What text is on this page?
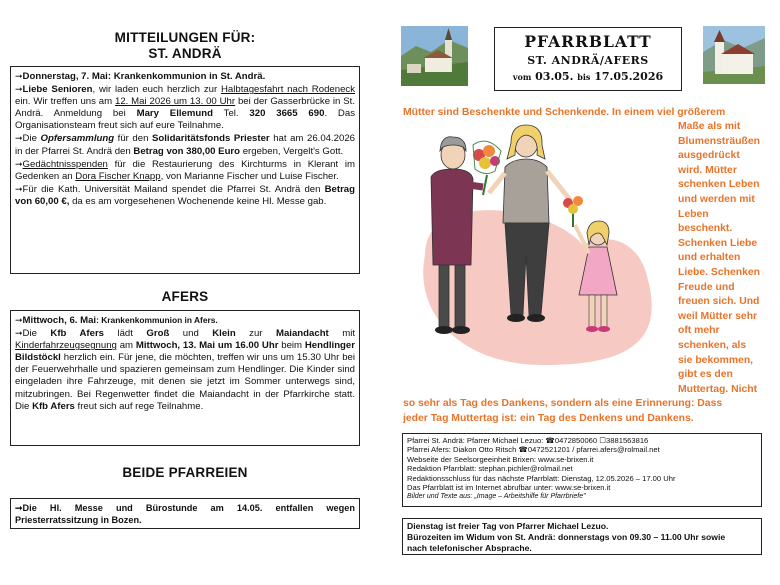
MITTEILUNGEN FÜR:
ST. ANDRÄ

➞Donnerstag, 7. Mai: Krankenkommunion in St. Andrä.

➞Liebe Senioren, wir laden euch herzlich zur Halbtagesfahrt nach Rodeneck ein. Wir treffen uns am 12. Mai 2026 um 13. 00 Uhr bei der Gasserbrücke in St. Andrä. Anmeldung bei Mary Ellemund Tel. 320 3665 690. Das Organisationsteam freut sich auf eure Teilnahme.

➞Die Opfersammlung für den Solidaritätsfonds Priester hat am 26.04.2026 in der Pfarrei St. Andrä den Betrag von 380,00 Euro ergeben, Vergelt's Gott.

➞Gedächtnisspenden für die Restaurierung des Kirchturms in Klerant im Gedenken an Dora Fischer Knapp, von Marianne Fischer und Luise Fischer.

➞Für die Kath. Universität Mailand spendet die Pfarrei St. Andrä den Betrag von 60,00 €, da es am vorgesehenen Wochenende keine Hl. Messe gab.

AFERS

➞Mittwoch, 6. Mai: Krankenkommunion in Afers.

➞Die Kfb Afers lädt Groß und Klein zur Maiandacht mit Kinderfahrzeugsegnung am Mittwoch, 13. Mai um 16.00 Uhr beim Hendlinger Bildstöckl herzlich ein. Für jene, die möchten, treffen wir uns um 15.30 Uhr bei der Feuerwehrhalle und spazieren gemeinsam zum Hendlinger. Die Kinder sind eingeladen ihre Fahrzeuge, mit denen sie jetzt im Sommer unterwegs sind, mitzubringen. Bei Regenwetter findet die Maiandacht in der Pfarrkirche statt. Die Kfb Afers freut sich auf rege Teilnahme.

BEIDE PFARREIEN

➞Die Hl. Messe und Bürostunde am 14.05. entfallen wegen Priesterratssitzung in Bozen.

PFARRBLATT
ST. ANDRÄ/AFERS
vom 03.05. bis 17.05.2026
Mütter sind Beschenkte und Schenkende. In einem viel größerem
Maße als mit
Blumensträußen
ausgedrückt
wird. Mütter
schenken Leben
und werden mit
Leben
beschenkt.
Schenken Liebe
und erhalten
Liebe. Schenken
Freude und
freuen sich. Und
weil Mütter sehr
oft mehr
schenken, als
sie bekommen,
gibt es den
Muttertag. Nicht
so sehr als Tag des Dankens, sondern als eine Erinnerung: Dass
jeder Tag Muttertag ist: ein Tag des Denkens und Dankens.
Pfarrei St. Andrä: Pfarrer Michael Lezuo: ☎0472850060 ☐3881563816
Pfarrei Afers: Diakon Otto Ritsch ☎0472521201 / pfarrei.afers@rolmail.net
Webseite der Seelsorgeeinheit Brixen: www.se-brixen.it
Redaktion Pfarrblatt: stephan.pichler@rolmail.net
Redaktionsschluss für das nächste Pfarrblatt: Dienstag, 12.05.2026 – 17.00 Uhr
Das Pfarrblatt ist im Internet abrufbar unter: www.se-brixen.it
Bilder und Texte aus: „Image – Arbeitshilfe für Pfarrbriefe"
Dienstag ist freier Tag von Pfarrer Michael Lezuo.
Bürozeiten im Widum von St. Andrä: donnerstags von 09.30 – 11.00 Uhr sowie
nach telefonischer Absprache.
